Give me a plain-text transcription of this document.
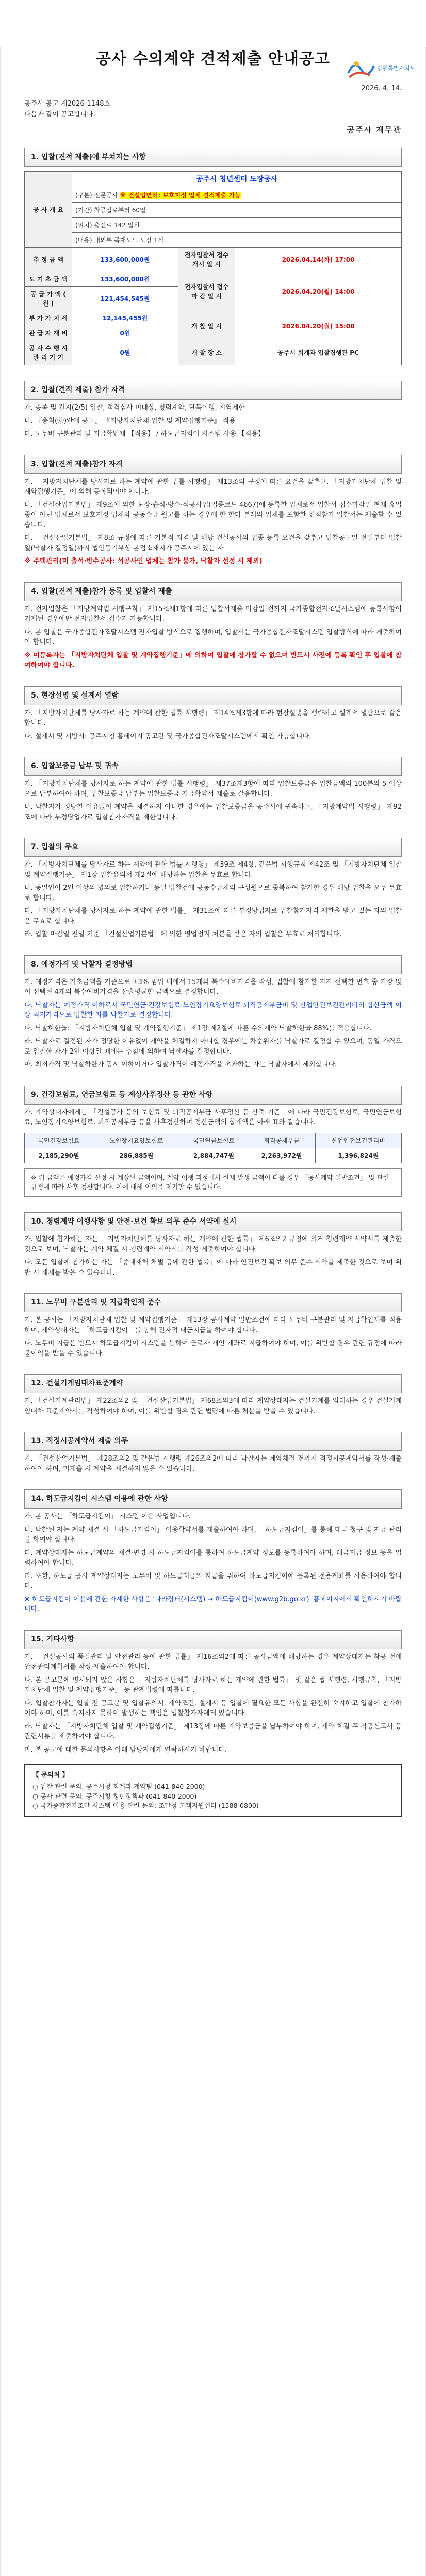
강원특별자치도
공사 수의계약 견적제출 안내공고
2026. 4. 14.
공주사 공고 제2026-1148호
다음과 같이 공고합니다.
공주사 재무관
1. 입찰(견적 제출)에 부쳐지는 사항
공 사 개 요	공주시 청년센터 도장공사		
	(구분) 전문공사 ※ 건설업면허: 보호지정 업체 견적제출 가능		
	(기간) 착공일로부터 60일		
	(위치) 충신로 142 일원		
	(내용) 내외부 목재모도 도장 1식		
추 정 금 액	133,600,000원	전자입찰서 접수 개시 일 시	2026.04.14(화) 17:00
도 기 초 금 액	133,600,000원	전자입찰서 접수 마 감 일 시	2026.04.20(월) 14:00
공 급 가 액 ( 원 )	121,454,545원		
부 가 가 치 세	12,145,455원	개 찰 일 시	2026.04.20(월) 15:00
관 급 자 재 비	0원		
공 사 수 행 시 관 리 기 기	0원	개 찰 장 소	공주시 회계과 입찰집행관 PC
2. 입찰(견적 제출) 참가 자격
가. 충족 및 건지(2/5) 입찰, 적격심사 미대상, 청렴계약, 단독이행, 지역제한
나. 『총칙(ⓔ)안에 공고』 『지방자치단체 입찰 및 계약집행기준』 적용
다. 노무비 구분관리 및 지급확인제 【적용】 / 하도급지킴이 시스템 사용 【적용】
3. 입찰(견적 제출)참가 자격
가. 「지방자치단체를 당사자로 하는 계약에 관한 법률 시행령」 제13조의 규정에 따른 요건을 갖추고, 「지방자치단체 입찰 및 계약집행기준」에 의해 등록되어야 합니다.
나. 「건설산업기본법」 제9조에 의한 도장·습식·방수·석공사업(업종코드 4667)에 등록한 업체로서 입찰서 접수마감일 현재 휴업중이 아닌 업체로서 보호지정 업체와 공동수급 원고를 하는 경우에 한 한다 본래의 업체를 포함한 견적참가 입찰서는 제출할 수 있습니다.
다. 「건설산업기본법」 제8조 규정에 따른 기본적 자격 및 해당 건설공사의 업종 등록 요건을 갖추고 입찰공고일 전일부터 입찰일(낙찰자 결정일)까지 법인등기부상 본점소재지가 공주시에 있는 자
※ 주택관리(미 출석·방수공사: 석공사인 업체는 참가 불가, 낙찰자 선정 시 제외)
4. 입찰(견적 제출)참가 등록 및 입찰서 제출
가. 전자입찰은 「지방계약법 시행규칙」 제15조제1항에 따른 입찰서제출 마감일 전까지 국가종합전자조달시스템에 등록사항이 기재된 경우에만 전자입찰서 접수가 가능합니다.
나. 본 입찰은 국가종합전자조달시스템 전자입찰 방식으로 집행하며, 입찰서는 국가종합전자조달시스템 입찰방식에 따라 제출하여야 합니다.
※ 미등록자는 「지방자치단체 입찰 및 계약집행기준」에 의하여 입찰에 참가할 수 없으며 반드시 사전에 등록 확인 후 입찰에 참여하여야 합니다.
5. 현장설명 및 설계서 열람
가. 「지방자치단체를 당사자로 하는 계약에 관한 법률 시행령」 제14조제3항에 따라 현장설명을 생략하고 설계서 열람으로 갈음합니다.
나. 설계서 및 시방서: 공주시청 홈페이지 공고란 및 국가종합전자조달시스템에서 확인 가능합니다.
6. 입찰보증금 납부 및 귀속
가. 「지방자치단체를 당사자로 하는 계약에 관한 법률 시행령」 제37조제3항에 따라 입찰보증금은 입찰금액의 100분의 5 이상으로 납부하여야 하며, 입찰보증금 납부는 입찰보증금 지급확약서 제출로 갈음합니다.
나. 낙찰자가 정당한 이유없이 계약을 체결하지 아니한 경우에는 입찰보증금을 공주시에 귀속하고, 「지방계약법 시행령」 제92조에 따라 부정당업자로 입찰참가자격을 제한합니다.
7. 입찰의 무효
가. 「지방자치단체를 당사자로 하는 계약에 관한 법률 시행령」 제39조 제4항, 같은법 시행규칙 제42조 및 「지방자치단체 입찰 및 계약집행기준」 제1장 입찰유의서 제2절에 해당하는 입찰은 무효로 합니다.
나. 동일인이 2인 이상의 명의로 입찰하거나 동일 입찰건에 공동수급체의 구성원으로 중복하여 참가한 경우 해당 입찰을 모두 무효로 합니다.
다. 「지방자치단체를 당사자로 하는 계약에 관한 법률」 제31조에 따른 부정당업자로 입찰참가자격 제한을 받고 있는 자의 입찰은 무효로 합니다.
라. 입찰 마감일 전일 기준 「건설산업기본법」에 의한 영업정지 처분을 받은 자의 입찰은 무효로 처리합니다.
8. 예정가격 및 낙찰자 결정방법
가. 예정가격은 기초금액을 기준으로 ±3% 범위 내에서 15개의 복수예비가격을 작성, 입찰에 참가한 자가 선택한 번호 중 가장 많이 선택된 4개의 복수예비가격을 산술평균한 금액으로 결정합니다.
나. 낙찰자는 예정가격 이하로서 국민연금·건강보험료·노인장기요양보험료·퇴직공제부금비 및 산업안전보건관리비의 합산금액 이상 최저가격으로 입찰한 자를 낙찰자로 결정합니다.
다. 낙찰하한율: 「지방자치단체 입찰 및 계약집행기준」 제1장 제2절에 따른 수의계약 낙찰하한율 88%를 적용합니다.
라. 낙찰자로 결정된 자가 정당한 이유없이 계약을 체결하지 아니할 경우에는 차순위자를 낙찰자로 결정할 수 있으며, 동일 가격으로 입찰한 자가 2인 이상일 때에는 추첨에 의하여 낙찰자를 결정합니다.
마. 최저가격 및 낙찰하한가 동시 이하이거나 입찰가격이 예정가격을 초과하는 자는 낙찰자에서 제외합니다.
9. 건강보험료, 연금보험료 등 계상사후정산 등 관한 사항
가. 계약상대자에게는 「건설공사 등의 보험료 및 퇴직공제부금 사후정산 등 산출 기준」에 따라 국민건강보험료, 국민연금보험료, 노인장기요양보험료, 퇴직공제부금 등을 사후정산하며 정산금액의 합계액은 아래 표와 같습니다.
국민건강보험료	노인장기요양보험료	국민연금보험료	퇴직공제부금	산업안전보건관리비
2,185,290원	286,885원	2,884,747원	2,263,972원	1,396,824원
※ 위 금액은 예정가격 산정 시 계상된 금액이며, 계약 이행 과정에서 실제 발생 금액이 다를 경우 「공사계약 일반조건」 및 관련 규정에 따라 사후 정산합니다. 이에 대해 이의를 제기할 수 없습니다.
10. 청렴계약 이행사항 및 안전·보건 확보 의무 준수 서약에 실시
가. 입찰에 참가하는 자는 「지방자치단체를 당사자로 하는 계약에 관한 법률」 제6조의2 규정에 의거 청렴계약 서약서를 제출한 것으로 보며, 낙찰자는 계약 체결 시 청렴계약 서약서를 작성·제출하여야 합니다.
나. 모든 입찰에 참가하는 자는 「중대재해 처벌 등에 관한 법률」에 따라 안전보건 확보 의무 준수 서약을 제출한 것으로 보며 위반 시 제재를 받을 수 있습니다.
11. 노무비 구분관리 및 지급확인제 준수
가. 본 공사는 「지방자치단체 입찰 및 계약집행기준」 제13장 공사계약 일반조건에 따라 노무비 구분관리 및 지급확인제를 적용하며, 계약상대자는 「하도급지킴이」를 통해 전자적 대금지급을 하여야 합니다.
나. 노무비 지급은 반드시 하도급지킴이 시스템을 통하여 근로자 개인 계좌로 지급하여야 하며, 이를 위반할 경우 관련 규정에 따라 불이익을 받을 수 있습니다.
12. 건설기계임대차표준계약
가. 「건설기계관리법」 제22조의2 및 「건설산업기본법」 제68조의3에 따라 계약상대자는 건설기계를 임대하는 경우 건설기계 임대차 표준계약서를 작성하여야 하며, 이를 위반할 경우 관련 법령에 따른 처분을 받을 수 있습니다.
13. 적정시공계약서 제출 의무
가. 「건설산업기본법」 제28조의2 및 같은법 시행령 제26조의2에 따라 낙찰자는 계약체결 전까지 적정시공계약서를 작성·제출하여야 하며, 미제출 시 계약을 체결하지 않을 수 있습니다.
14. 하도급지킴이 시스템 이용에 관한 사항
가. 본 공사는 「하도급지킴이」 시스템 이용 사업입니다.
나. 낙찰된 자는 계약 체결 시 「하도급지킴이」 이용확약서를 제출하여야 하며, 「하도급지킴이」를 통해 대금 청구 및 지급 관리를 하여야 합니다.
다. 계약상대자는 하도급계약의 체결·변경 시 하도급지킴이를 통하여 하도급계약 정보를 등록하여야 하며, 대금지급 정보 등을 입력하여야 합니다.
라. 또한, 하도급 공사 계약상대자는 노무비 및 하도급대금의 지급을 위하여 하도급지킴이에 등록된 전용계좌를 사용하여야 합니다.
※ 하도급지킴이 이용에 관한 자세한 사항은 '나라장터(시스템) → 하도급지킴이(www.g2b.go.kr)' 홈페이지에서 확인하시기 바랍니다.
15. 기타사항
가. 「건설공사의 품질관리 및 안전관리 등에 관한 법률」 제16조의2에 따른 공사금액에 해당하는 경우 계약상대자는 착공 전에 안전관리계획서를 작성·제출하여야 합니다.
나. 본 공고문에 명시되지 않은 사항은 「지방자치단체를 당사자로 하는 계약에 관한 법률」 및 같은 법 시행령, 시행규칙, 「지방자치단체 입찰 및 계약집행기준」 등 관계법령에 따릅니다.
다. 입찰참가자는 입찰 전 공고문 및 입찰유의서, 계약조건, 설계서 등 입찰에 필요한 모든 사항을 완전히 숙지하고 입찰에 참가하여야 하며, 이를 숙지하지 못하여 발생하는 책임은 입찰참가자에게 있습니다.
라. 낙찰자는 「지방자치단체 입찰 및 계약집행기준」 제13장에 따른 계약보증금을 납부하여야 하며, 계약 체결 후 착공신고서 등 관련서류를 제출하여야 합니다.
마. 본 공고에 대한 문의사항은 아래 담당자에게 연락하시기 바랍니다.
【 문의처 】
○ 입찰 관련 문의: 공주시청 회계과 계약팀 (041-840-2000)
○ 공사 관련 문의: 공주시청 청년정책과 (041-840-2000)
○ 국가종합전자조달 시스템 이용 관련 문의: 조달청 고객지원센터 (1588-0800)
